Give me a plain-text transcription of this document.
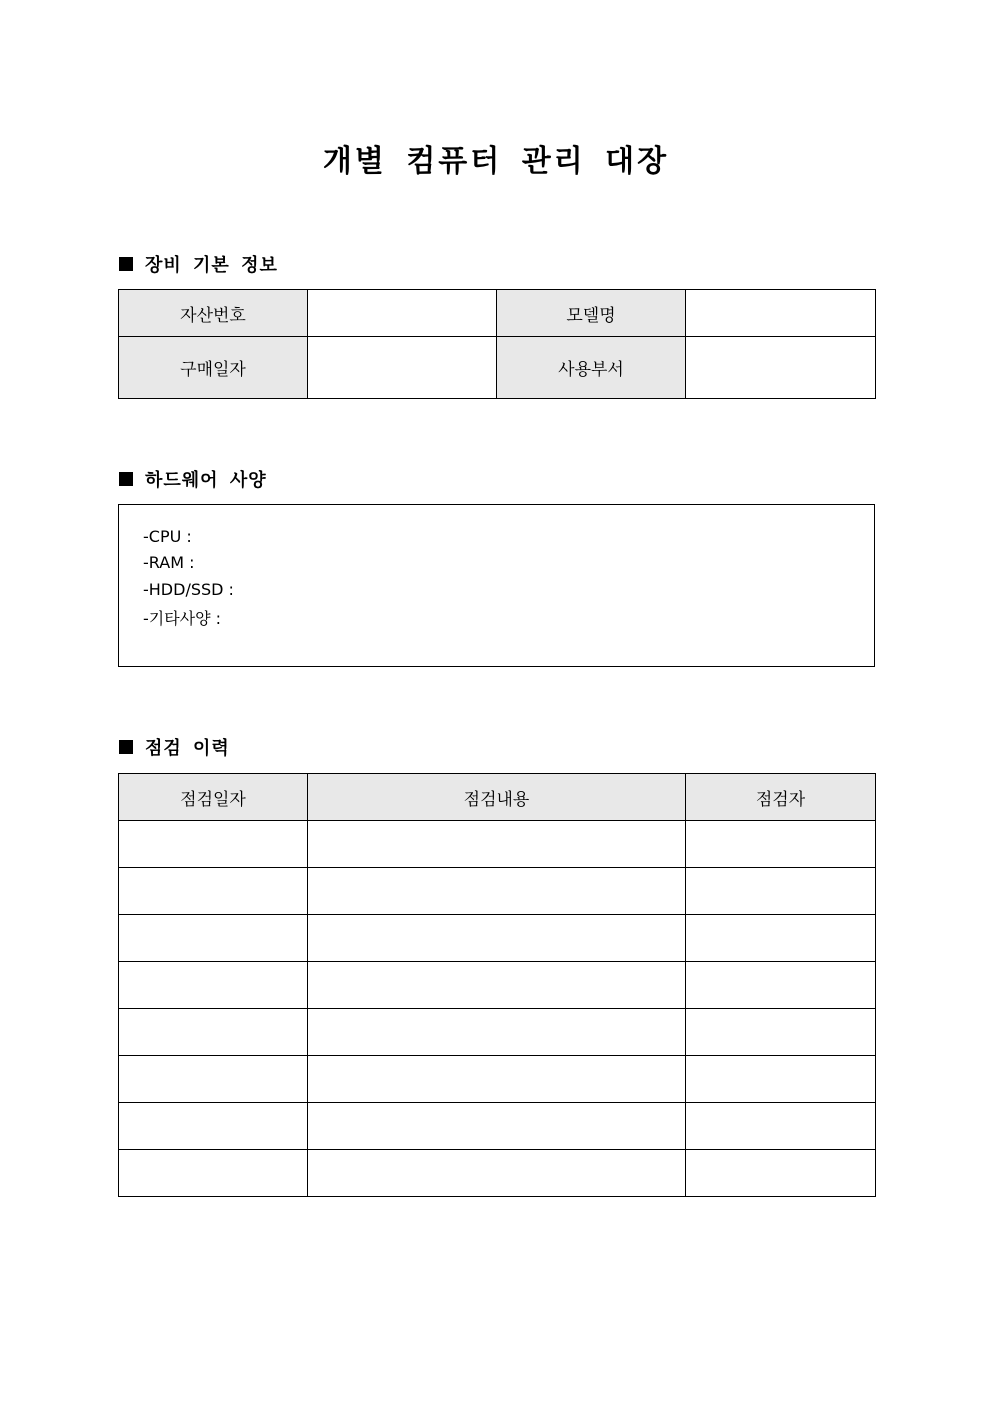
개별 컴퓨터 관리 대장
장비 기본 정보
자산번호		모델명	
구매일자		사용부서	
하드웨어 사양
-CPU :
-RAM :
-HDD/SSD :
-기타사양 :
점검 이력
점검일자	점검내용	점검자
